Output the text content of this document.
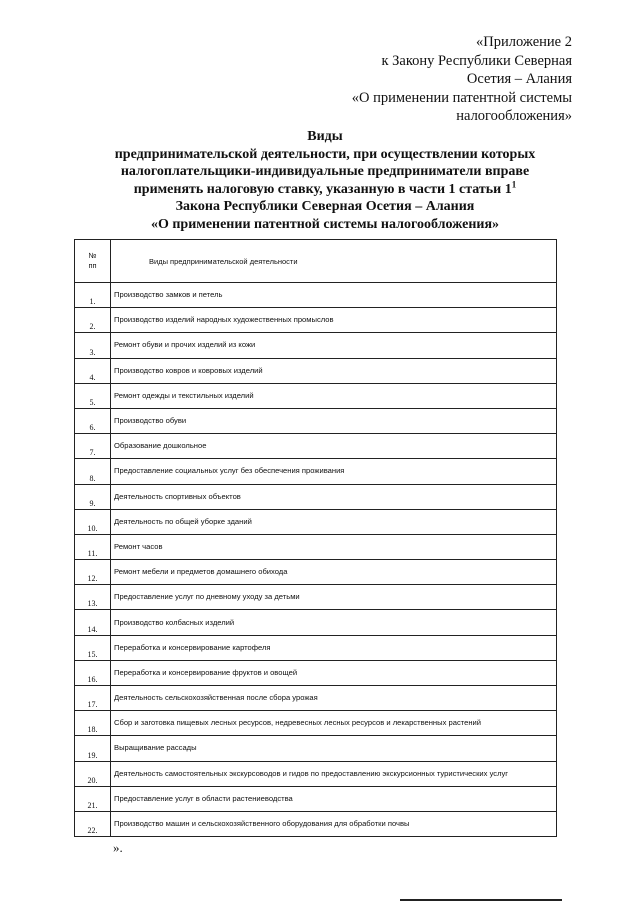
«Приложение 2
к Закону Республики Северная
Осетия – Алания
«О применении патентной системы
налогообложения»
Виды
предпринимательской деятельности, при осуществлении которых
налогоплательщики-индивидуальные предприниматели вправе
применять налоговую ставку, указанную в части 1 статьи $1^1$
Закона Республики Северная Осетия – Алания
«О применении патентной системы налогообложения»
№
пп	Виды предпринимательской деятельности
1.	Производство замков и петель
2.	Производство изделий народных художественных промыслов
3.	Ремонт обуви и прочих изделий из кожи
4.	Производство ковров и ковровых изделий
5.	Ремонт одежды и текстильных изделий
6.	Производство обуви
7.	Образование дошкольное
8.	Предоставление социальных услуг без обеспечения проживания
9.	Деятельность спортивных объектов
10.	Деятельность по общей уборке зданий
11.	Ремонт часов
12.	Ремонт мебели и предметов домашнего обихода
13.	Предоставление услуг по дневному уходу за детьми
14.	Производство колбасных изделий
15.	Переработка и консервирование картофеля
16.	Переработка и консервирование фруктов и овощей
17.	Деятельность сельскохозяйственная после сбора урожая
18.	Сбор и заготовка пищевых лесных ресурсов, недревесных лесных ресурсов и лекарственных растений
19.	Выращивание рассады
20.	Деятельность самостоятельных экскурсоводов и гидов по предоставлению экскурсионных туристических услуг
21.	Предоставление услуг в области растениеводства
22.	Производство машин и сельскохозяйственного оборудования для обработки почвы
».
